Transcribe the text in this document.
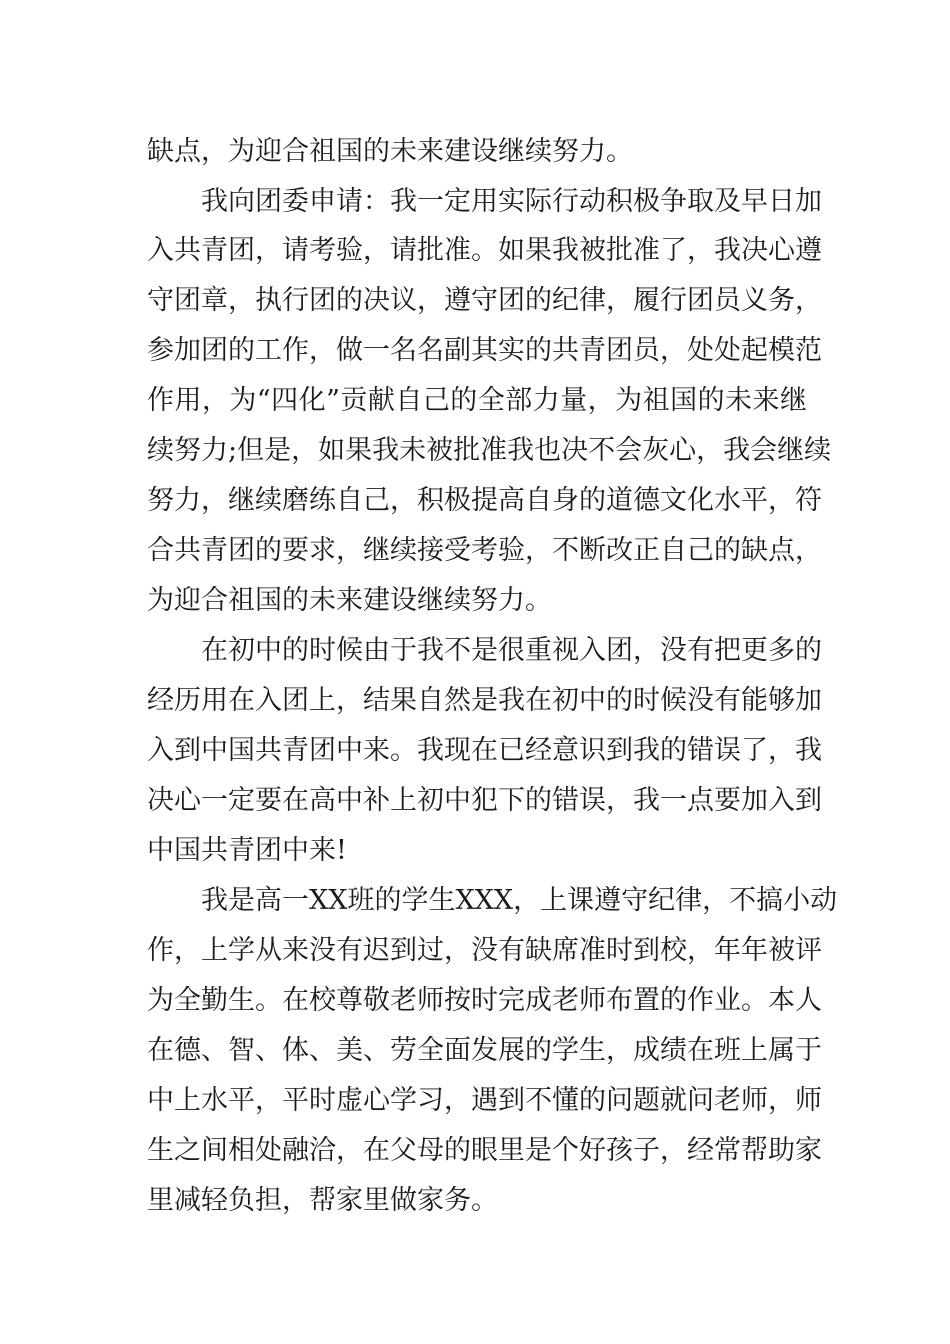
缺点，为迎合祖国的未来建设继续努力。
我向团委申请：我一定用实际行动积极争取及早日加
入共青团，请考验，请批准。如果我被批准了，我决心遵
守团章，执行团的决议，遵守团的纪律，履行团员义务，
参加团的工作，做一名名副其实的共青团员，处处起模范
作用，为“四化”贡献自己的全部力量，为祖国的未来继
续努力;但是，如果我未被批准我也决不会灰心，我会继续
努力，继续磨练自己，积极提高自身的道德文化水平，符
合共青团的要求，继续接受考验，不断改正自己的缺点，
为迎合祖国的未来建设继续努力。
在初中的时候由于我不是很重视入团，没有把更多的
经历用在入团上，结果自然是我在初中的时候没有能够加
入到中国共青团中来。我现在已经意识到我的错误了，我
决心一定要在高中补上初中犯下的错误，我一点要加入到
中国共青团中来!
我是高一XX班的学生XXX，上课遵守纪律，不搞小动
作，上学从来没有迟到过，没有缺席准时到校，年年被评
为全勤生。在校尊敬老师按时完成老师布置的作业。本人
在德、智、体、美、劳全面发展的学生，成绩在班上属于
中上水平，平时虚心学习，遇到不懂的问题就问老师，师
生之间相处融洽，在父母的眼里是个好孩子，经常帮助家
里减轻负担，帮家里做家务。
